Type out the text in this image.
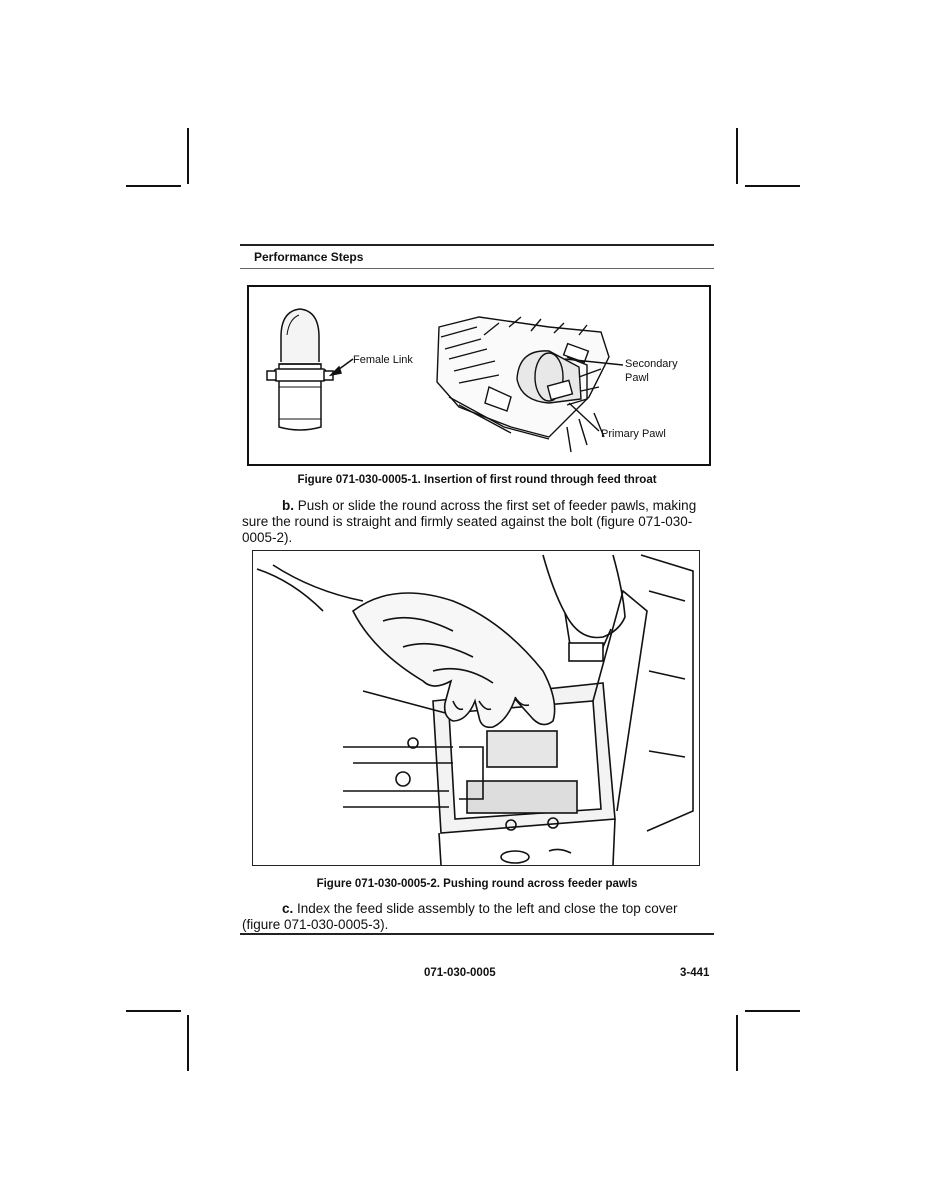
Performance Steps
Female Link	Secondary
Pawl
Primary Pawl
Figure 071-030-0005-1. Insertion of first round through feed throat
b. Push or slide the round across the first set of feeder pawls, making sure the round is straight and firmly seated against the bolt (figure 071-030-0005-2).
Figure 071-030-0005-2. Pushing round across feeder pawls
c. Index the feed slide assembly to the left and close the top cover (figure 071-030-0005-3).
071-030-0005	3-441
